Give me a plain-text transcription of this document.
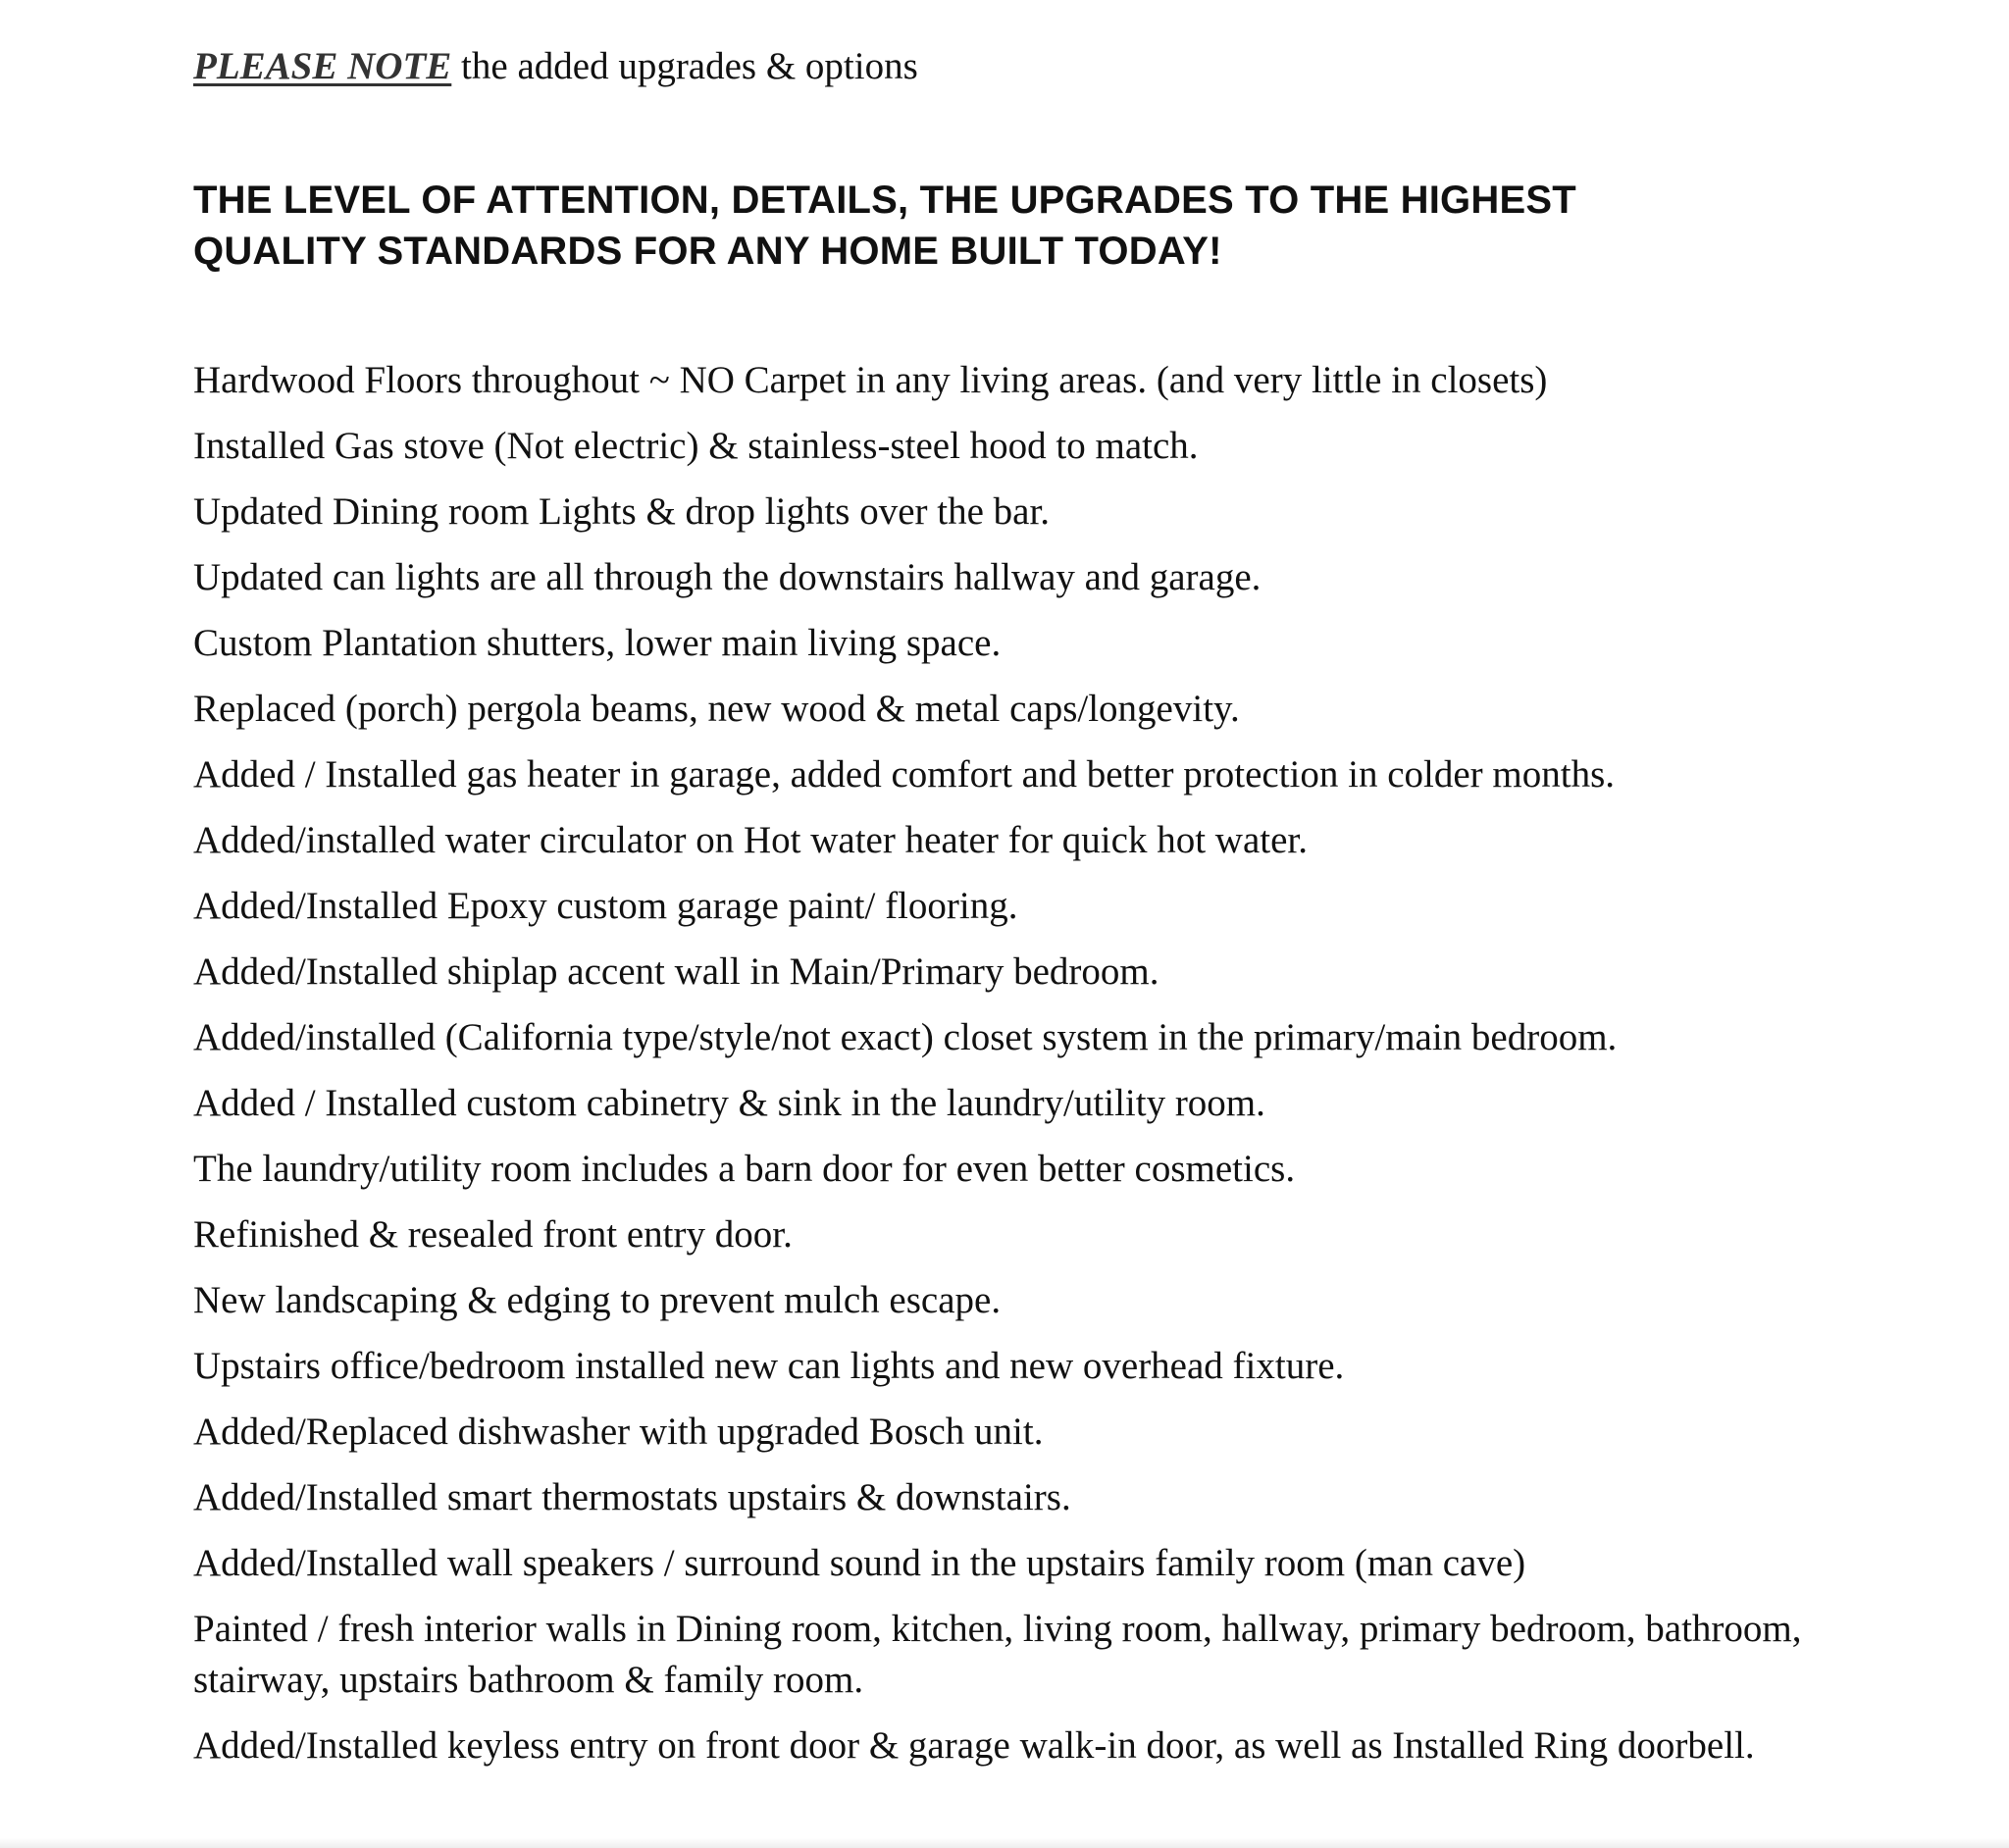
PLEASE NOTE the added upgrades & options
THE LEVEL OF ATTENTION, DETAILS, THE UPGRADES TO THE HIGHEST
QUALITY STANDARDS FOR ANY HOME BUILT TODAY!
Hardwood Floors throughout ~ NO Carpet in any living areas. (and very little in closets)
Installed Gas stove (Not electric) & stainless-steel hood to match.
Updated Dining room Lights & drop lights over the bar.
Updated can lights are all through the downstairs hallway and garage.
Custom Plantation shutters, lower main living space.
Replaced (porch) pergola beams, new wood & metal caps/longevity.
Added / Installed gas heater in garage, added comfort and better protection in colder months.
Added/installed water circulator on Hot water heater for quick hot water.
Added/Installed Epoxy custom garage paint/ flooring.
Added/Installed shiplap accent wall in Main/Primary bedroom.
Added/installed (California type/style/not exact) closet system in the primary/main bedroom.
Added / Installed custom cabinetry & sink in the laundry/utility room.
The laundry/utility room includes a barn door for even better cosmetics.
Refinished & resealed front entry door.
New landscaping & edging to prevent mulch escape.
Upstairs office/bedroom installed new can lights and new overhead fixture.
Added/Replaced dishwasher with upgraded Bosch unit.
Added/Installed smart thermostats upstairs & downstairs.
Added/Installed wall speakers / surround sound in the upstairs family room (man cave)
Painted / fresh interior walls in Dining room, kitchen, living room, hallway, primary bedroom, bathroom, stairway, upstairs bathroom & family room.
Added/Installed keyless entry on front door & garage walk-in door, as well as Installed Ring doorbell.
